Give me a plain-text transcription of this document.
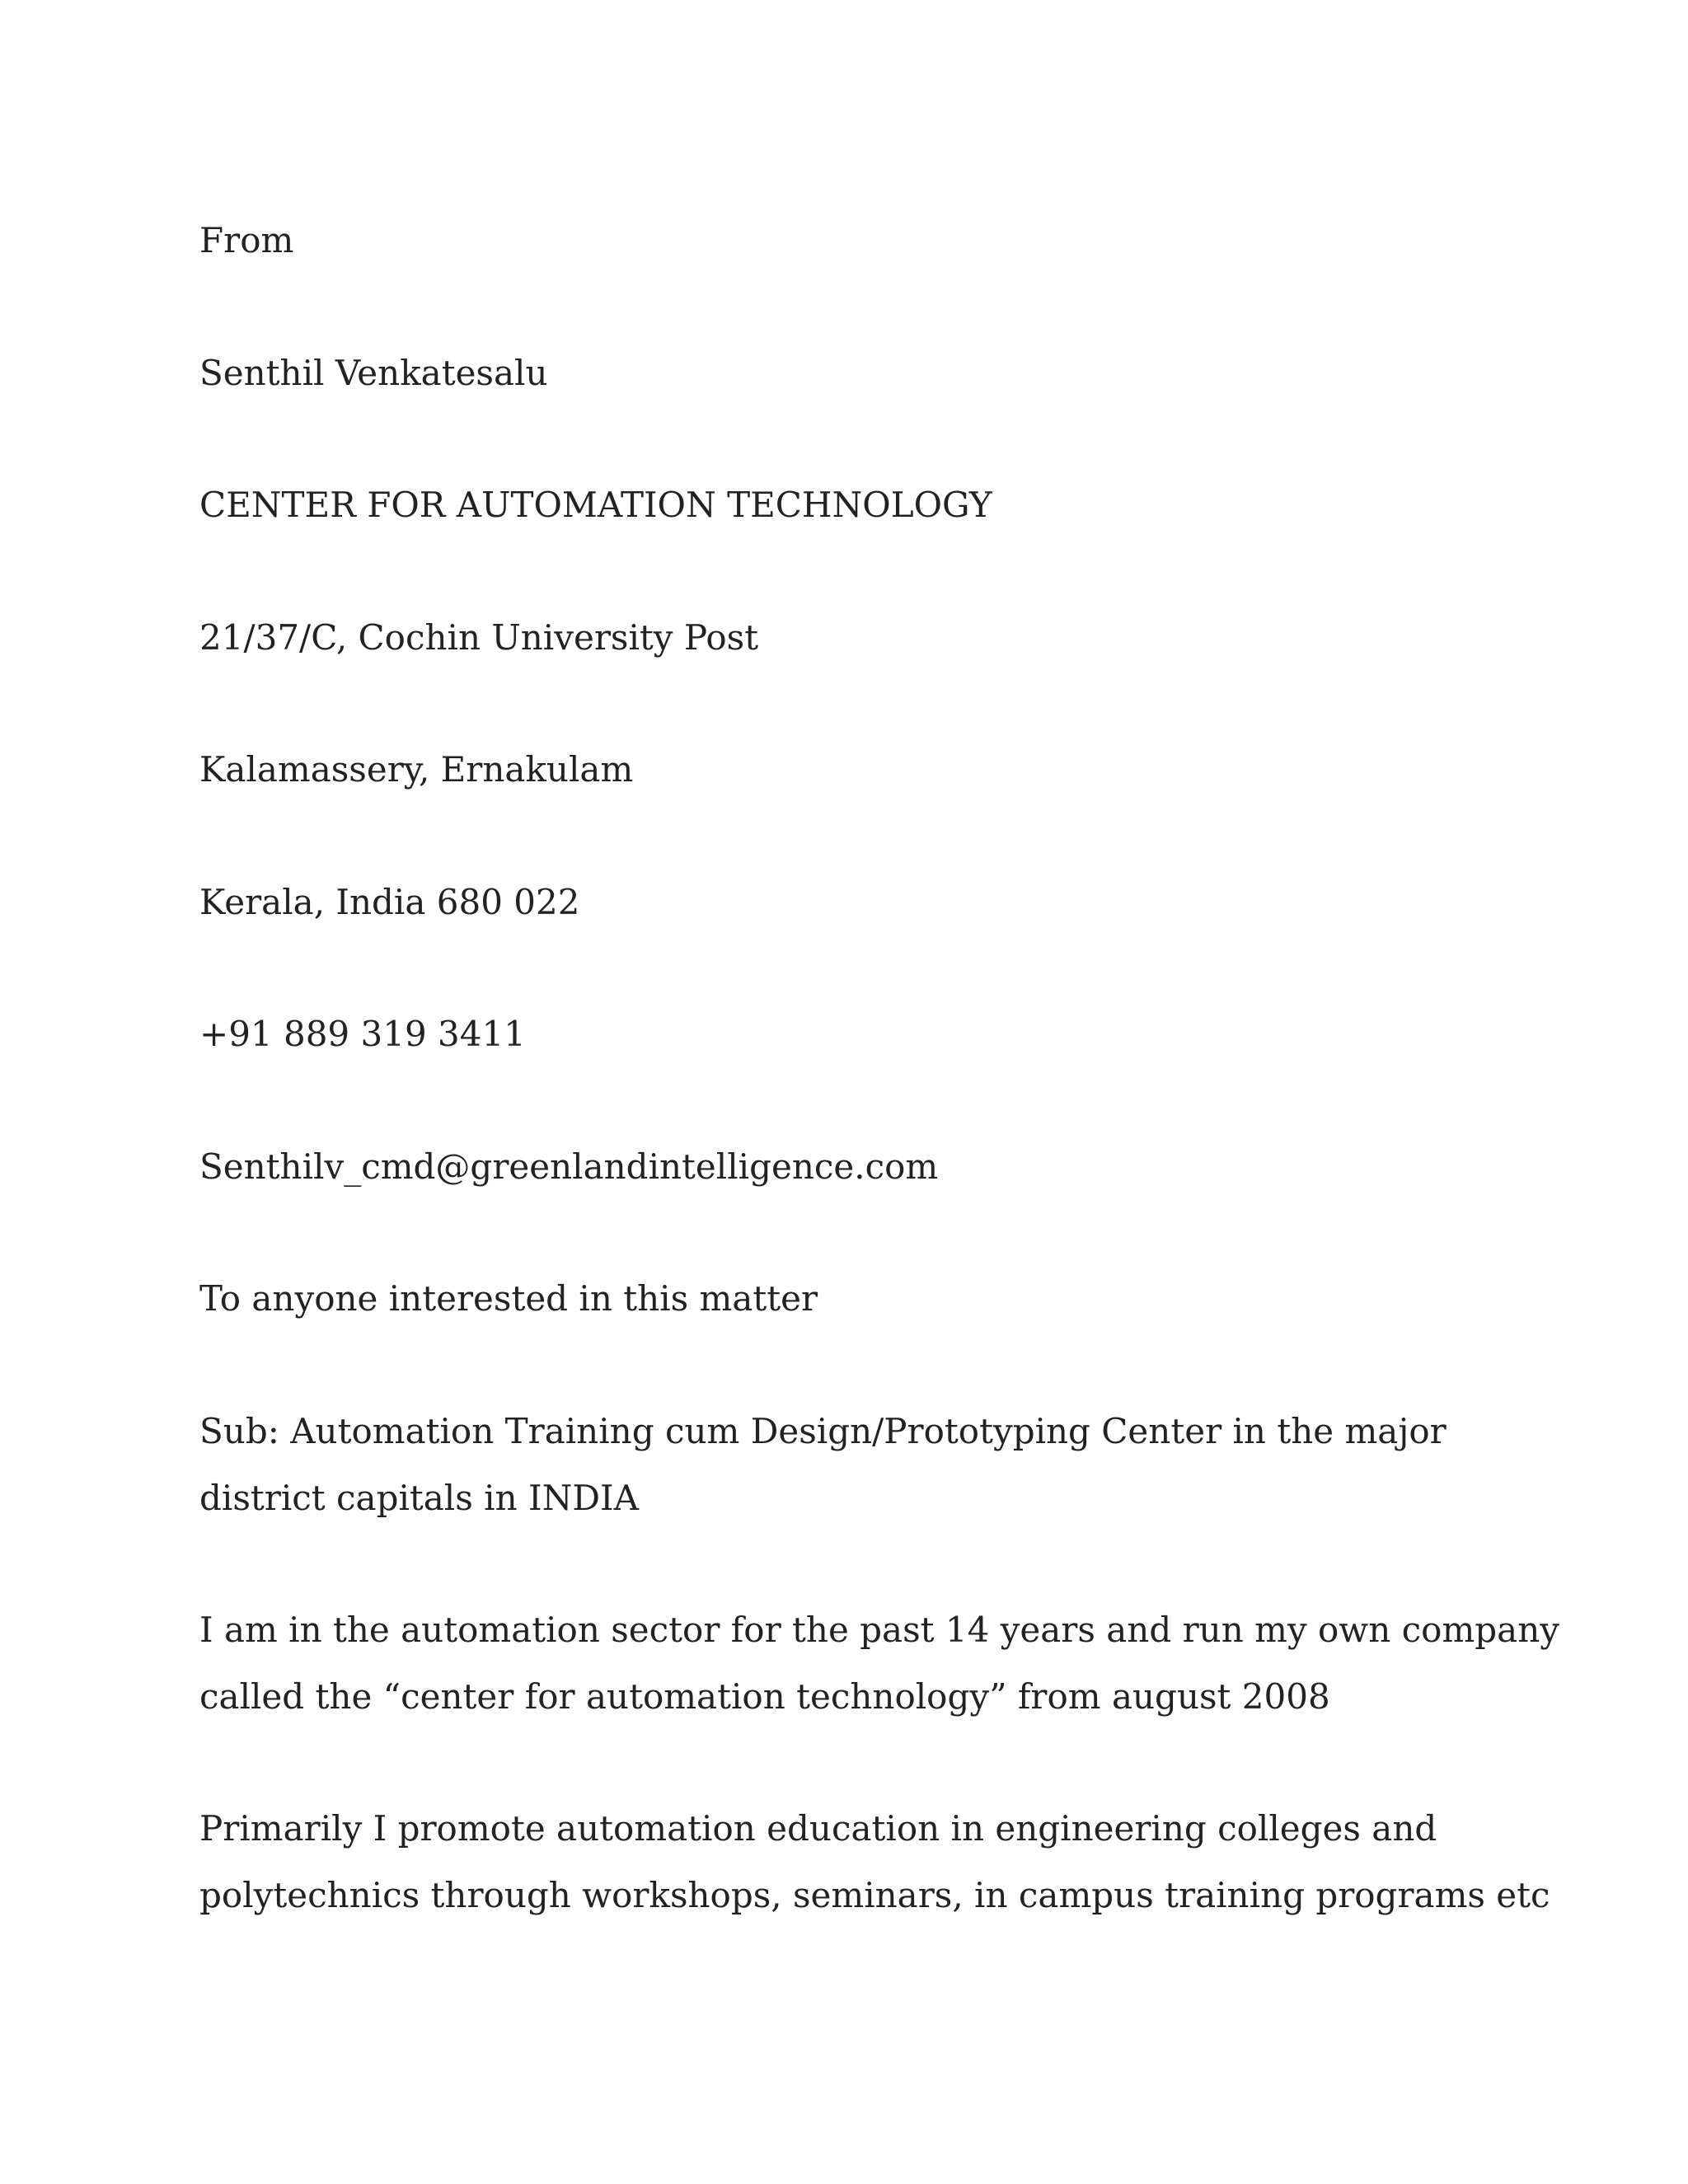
From
Senthil Venkatesalu
CENTER FOR AUTOMATION TECHNOLOGY
21/37/C, Cochin University Post
Kalamassery, Ernakulam
Kerala, India 680 022
+91 889 319 3411
Senthilv_cmd@greenlandintelligence.com
To anyone interested in this matter
Sub: Automation Training cum Design/Prototyping Center in the major
district capitals in INDIA
I am in the automation sector for the past 14 years and run my own company
called the “center for automation technology” from august 2008
Primarily I promote automation education in engineering colleges and
polytechnics through workshops, seminars, in campus training programs etc
